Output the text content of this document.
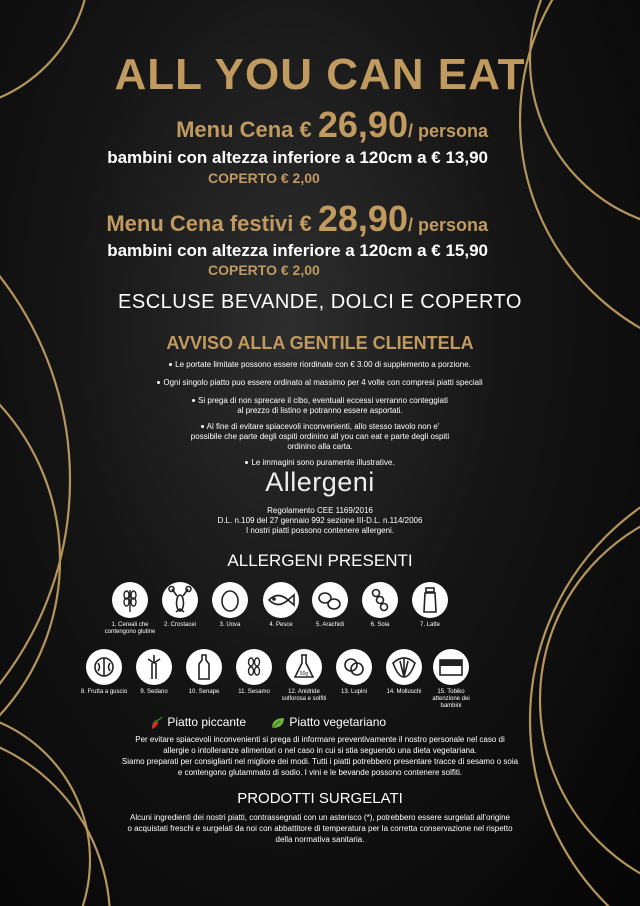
ALL YOU CAN EAT
Menu Cena € 26,90/ persona
bambini con altezza inferiore a 120cm a € 13,90
COPERTO € 2,00
Menu Cena festivi € 28,90/ persona
bambini con altezza inferiore a 120cm a € 15,90
COPERTO € 2,00
ESCLUSE BEVANDE, DOLCI E COPERTO
AVVISO ALLA GENTILE CLIENTELA
Le portate limitate possono essere riordinate con € 3.00 di supplemento a porzione.
Ogni singolo piatto puo essere ordinato al massimo per 4 volte con compresi piatti speciali
Si prega di non sprecare il cibo, eventuali eccessi verranno conteggiati al prezzo di listino e potranno essere asportati.
Al fine di evitare spiacevoli inconvenienti, allo stesso tavolo non e' possibile che parte degli ospiti ordinino all you can eat e parte degli ospiti ordinino alla carta.
Le immagini sono puramente illustrative.
Allergeni
Regolamento CEE 1169/2016
D.L. n.109 del 27 gennaio 992 sezione III-D.L. n.114/2006
I nostri piatti possono contenere allergeni.
ALLERGENI PRESENTI
1. Cereali che contengono glutine
2. Crostacei	3. Uova	4. Pesce	5. Arachidi	6. Soia	7. Latte
50g
8. Frutta a guscio	9. Sedano	10. Senape	11. Sesamo	12. Anidride solforosa e solfiti
13. Lupini	14. Molluschi	15. Tobiko attenzione dei bambini
Piatto piccante	Piatto vegetariano
Per evitare spiacevoli inconvenienti si prega di informare preventivamente il nostro personale nel caso di
allergie o intolleranze alimentari o nel caso in cui si stia seguendo una dieta vegetariana.
Siamo preparati per consigliarti nel migliore dei modi. Tutti i piatti potrebbero presentare tracce di sesamo o soia
e contengono glutammato di sodio. I vini e le bevande possono contenere solfiti.
PRODOTTI SURGELATI
Alcuni ingredienti dei nostri piatti, contrassegnati con un asterisco (*), potrebbero essere surgelati all'origine
o acquistati freschi e surgelati da noi con abbattitore di temperatura per la corretta conservazione nel rispetto
della normativa sanitaria.
